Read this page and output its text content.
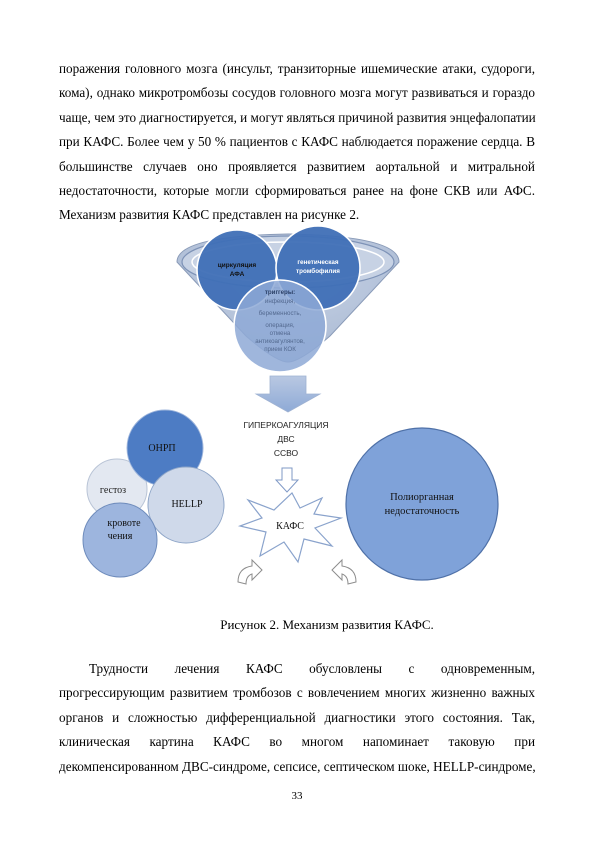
поражения головного мозга (инсульт, транзиторные ишемические атаки, судороги,
кома), однако микротромбозы сосудов головного мозга могут развиваться и гораздо
чаще, чем это диагностируется, и могут являться причиной развития энцефалопатии
при КАФС. Более чем у 50 % пациентов с КАФС наблюдается поражение сердца. В
большинстве случаев оно проявляется развитием аортальной и митральной
недостаточности, которые могли сформироваться ранее на фоне СКВ или АФС.
Механизм развития КАФС представлен на рисунке 2.
циркуляция
АФА
генетическая
тромбофилия
триггеры:
инфекция,
беременность,
операция,
отмена
антикоагулянтов,
прием КОК
ГИПЕРКОАГУЛЯЦИЯ
ДВС
ССВО
ОНРП
гестоз
HELLP
кровоте
чения
КАФС
Полиорганная
недостаточность
Рисунок 2. Механизм развития КАФС.
Трудности лечения КАФС обусловлены с одновременным,
прогрессирующим развитием тромбозов с вовлечением многих жизненно важных
органов и сложностью дифференциальной диагностики этого состояния. Так,
клиническая картина КАФС во многом напоминает таковую при
декомпенсированном ДВС-синдроме, сепсисе, септическом шоке, HELLP-синдроме,
33
